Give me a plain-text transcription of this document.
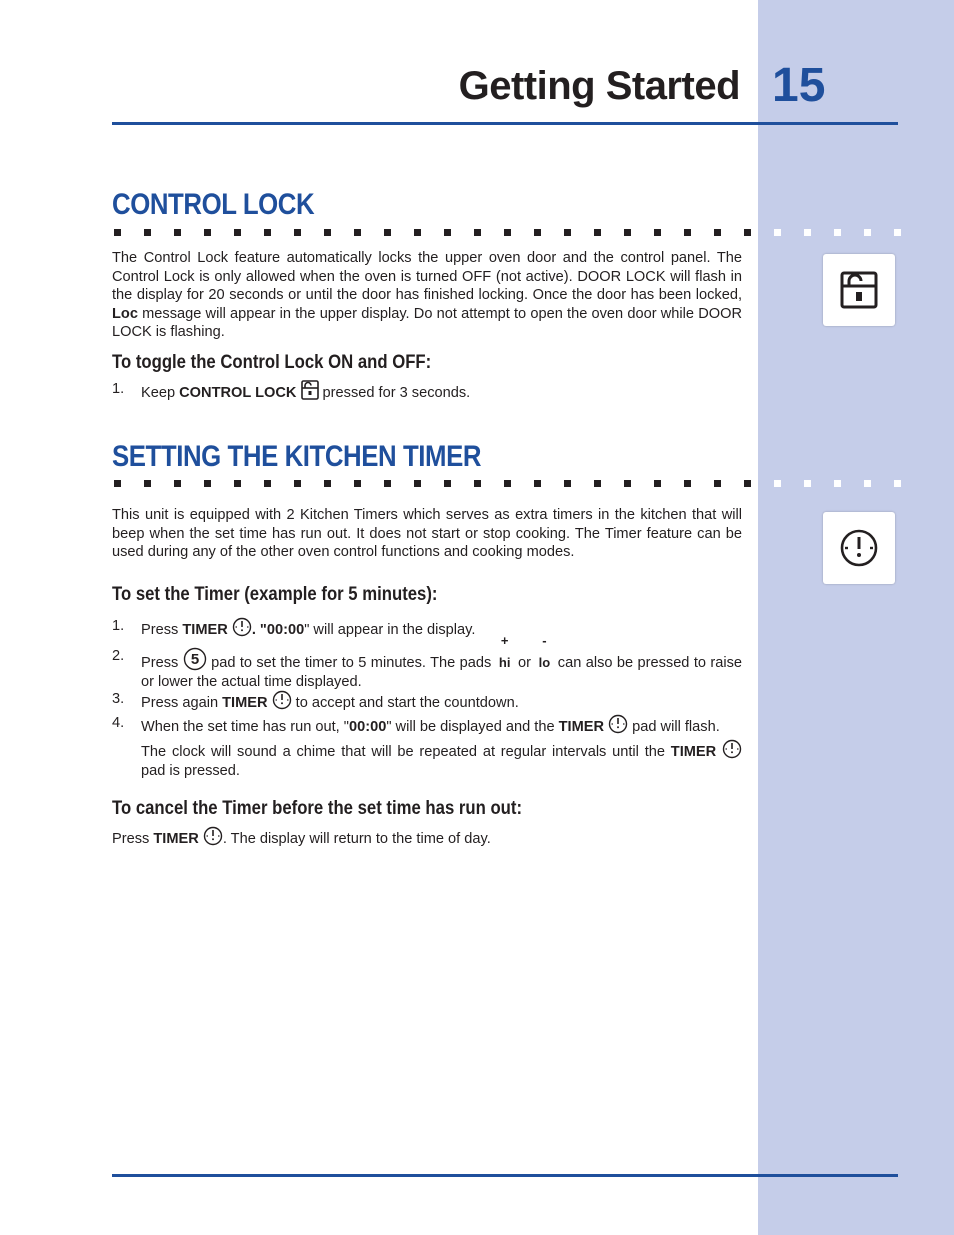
Getting Started 15
CONTROL LOCK
The Control Lock feature automatically locks the upper oven door and the control panel. The Control Lock is only allowed when the oven is turned OFF (not active). DOOR LOCK will flash in the display for 20 seconds or until the door has finished locking. Once the door has been locked, Loc message will appear in the upper display. Do not attempt to open the oven door while DOOR LOCK is flashing.
To toggle the Control Lock ON and OFF:
1. Keep CONTROL LOCK  pressed for 3 seconds.
SETTING THE KITCHEN TIMER
This unit is equipped with 2 Kitchen Timers which serves as extra timers in the kitchen that will beep when the set time has run out. It does not start or stop cooking. The Timer feature can be used during any of the other oven control functions and cooking modes.
To set the Timer (example for 5 minutes):
1. Press TIMER . "00:00" will appear in the display.
2. Press 5 pad to set the timer to 5 minutes. The pads
+
hi or
-
lo can also be pressed to raise or lower the actual time displayed.
3. Press again TIMER  to accept and start the countdown.
4. When the set time has run out, "00:00" will be displayed and the TIMER  pad will flash.
The clock will sound a chime that will be repeated at regular intervals until the TIMER  pad is pressed.
To cancel the Timer before the set time has run out:
Press TIMER . The display will return to the time of day.
